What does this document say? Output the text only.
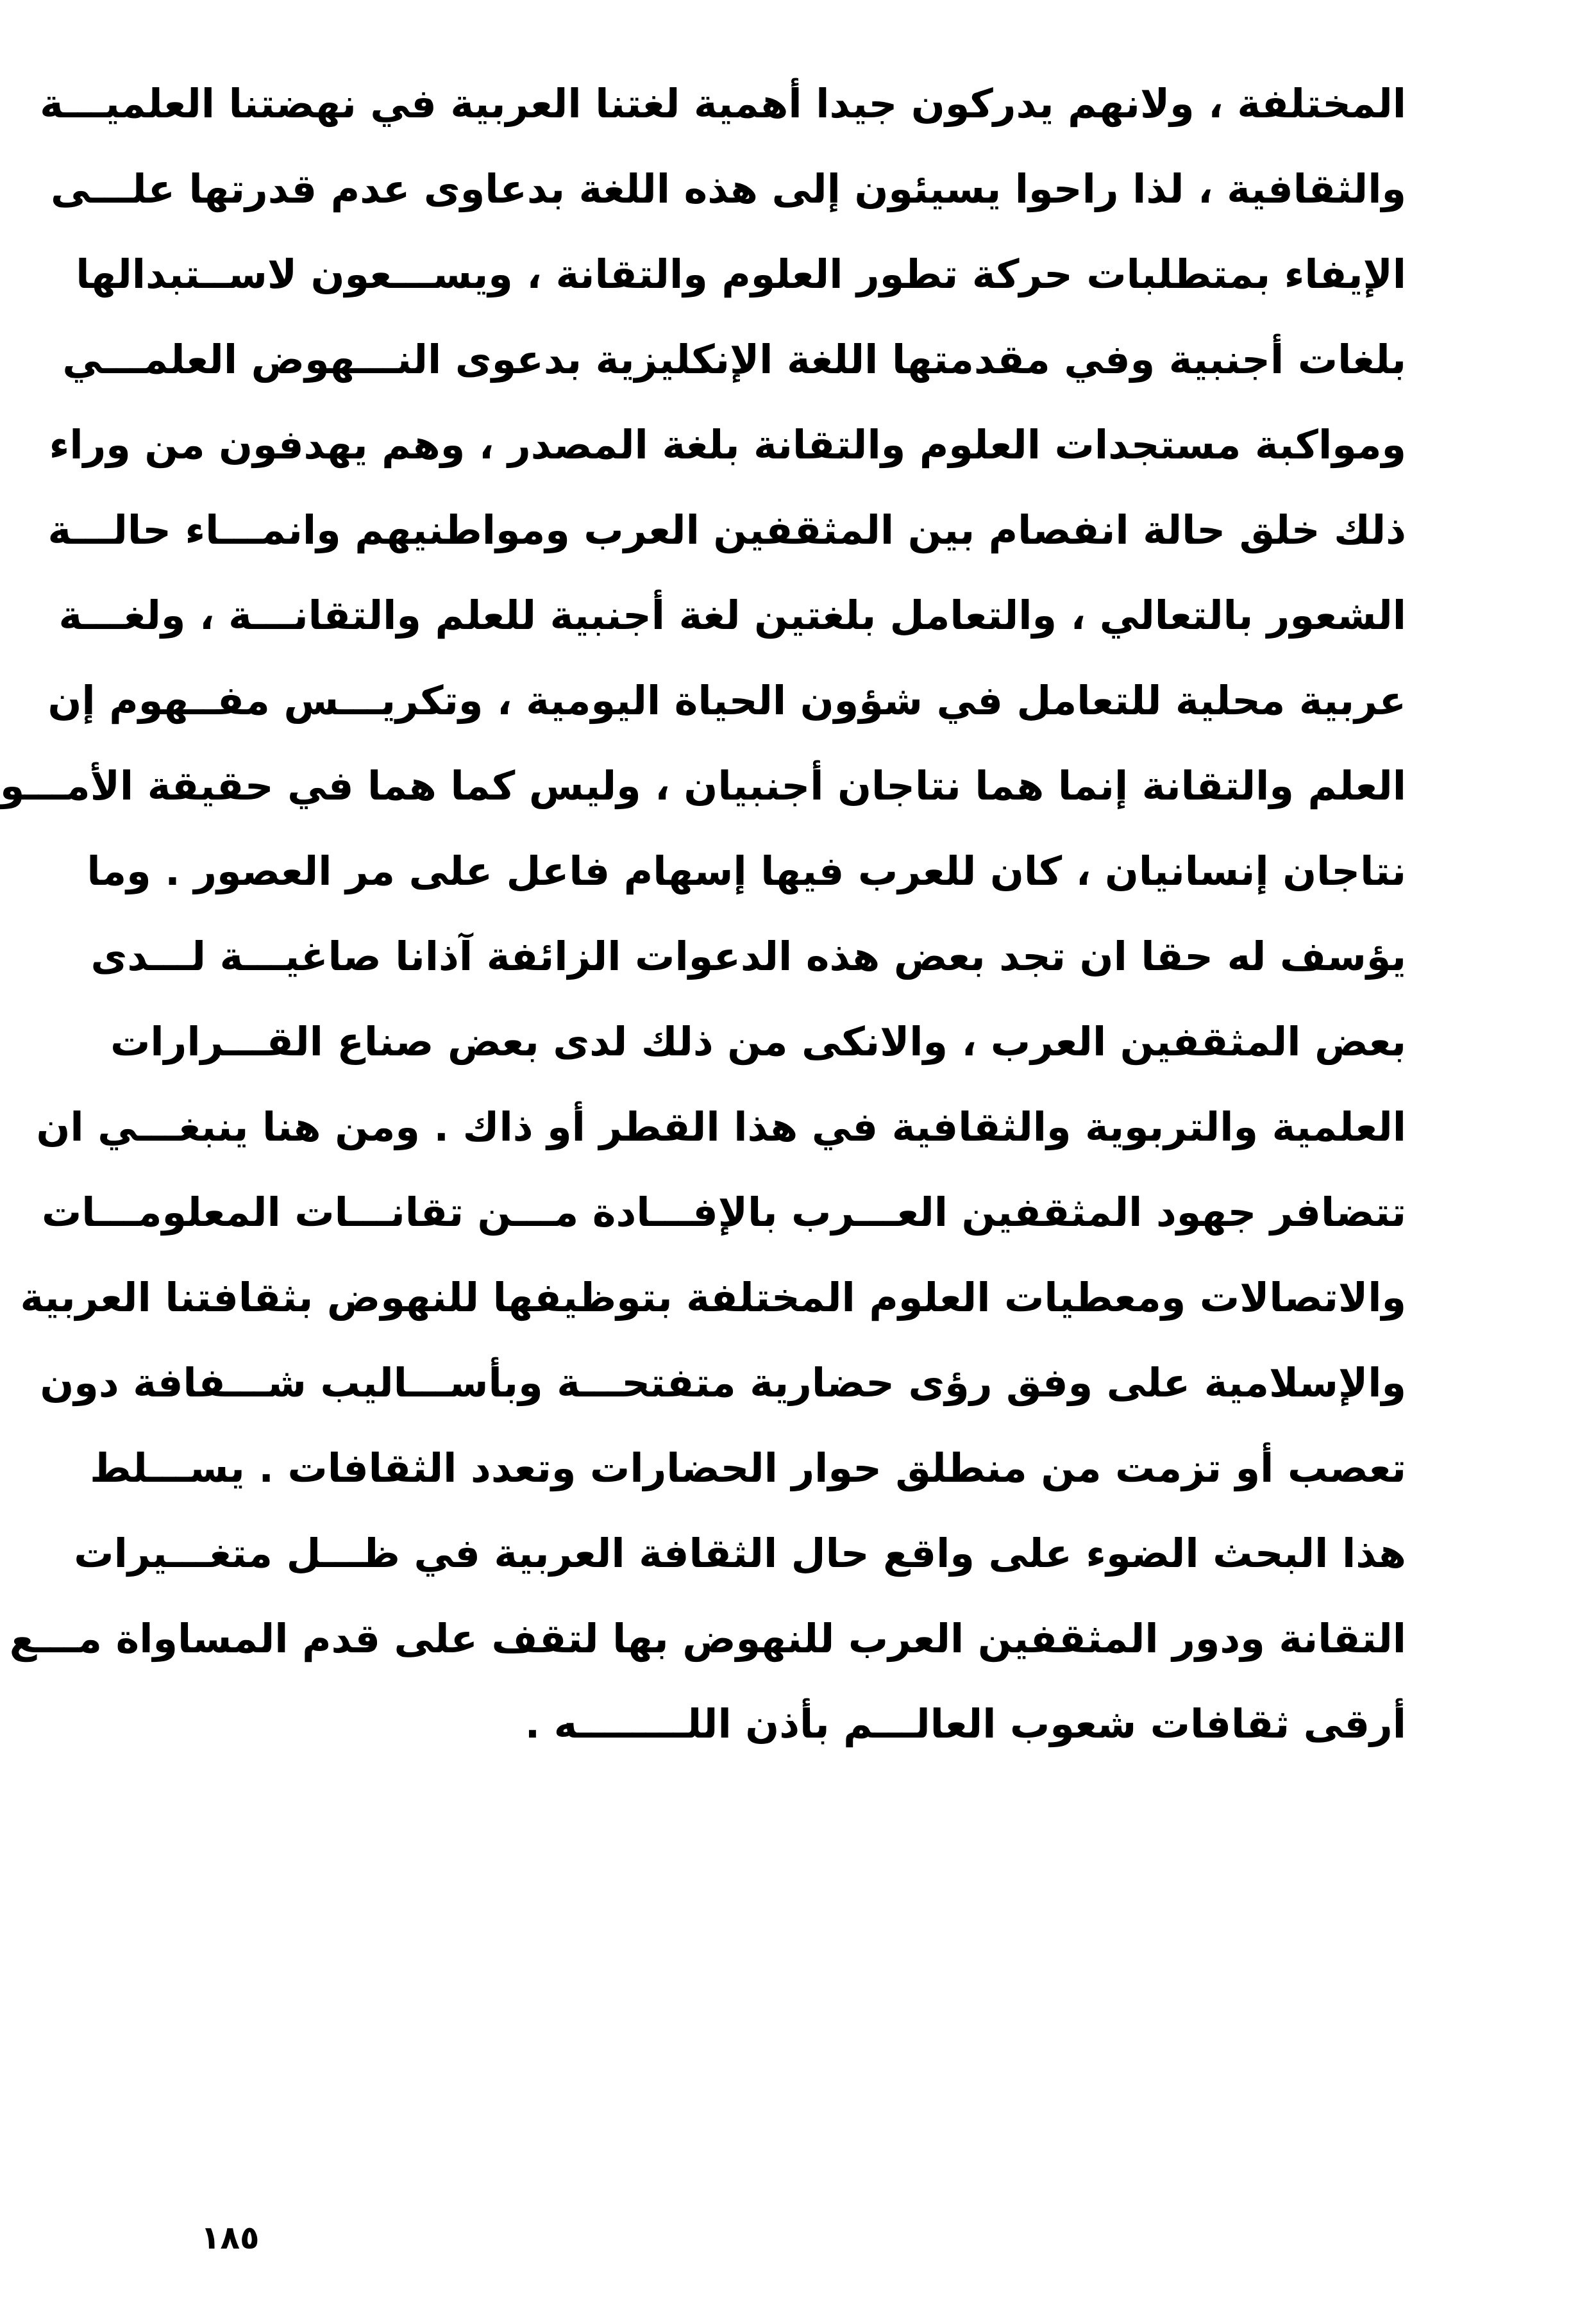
المختلفة ، ولانهم يدركون جيدا أهمية لغتنا العربية في نهضتنا العلميـــة
والثقافية ، لذا راحوا يسيئون إلى هذه اللغة بدعاوى عدم قدرتها علـــى
الإيفاء بمتطلبات حركة تطور العلوم والتقانة ، ويســـعون لاســتبدالها
بلغات أجنبية وفي مقدمتها اللغة الإنكليزية بدعوى النـــهوض العلمـــي
ومواكبة مستجدات العلوم والتقانة بلغة المصدر ، وهم يهدفون من وراء
ذلك خلق حالة انفصام بين المثقفين العرب ومواطنيهم وانمـــاء حالـــة
الشعور بالتعالي ، والتعامل بلغتين لغة أجنبية للعلم والتقانـــة ، ولغـــة
عربية محلية للتعامل في شؤون الحياة اليومية ، وتكريـــس مفــهوم إن
العلم والتقانة إنما هما نتاجان أجنبيان ، وليس كما هما في حقيقة الأمـــو
نتاجان إنسانيان ، كان للعرب فيها إسهام فاعل على مر العصور . وما
يؤسف له حقا ان تجد بعض هذه الدعوات الزائفة آذانا صاغيـــة لـــدى
بعض المثقفين العرب ، والانكى من ذلك لدى بعض صناع القـــرارات
العلمية والتربوية والثقافية في هذا القطر أو ذاك . ومن هنا ينبغـــي ان
تتضافر جهود المثقفين العـــرب بالإفـــادة مـــن تقانـــات المعلومـــات
والاتصالات ومعطيات العلوم المختلفة بتوظيفها للنهوض بثقافتنا العربية
والإسلامية على وفق رؤى حضارية متفتحـــة وبأســـاليب شـــفافة دون
تعصب أو تزمت من منطلق حوار الحضارات وتعدد الثقافات . يســـلط
هذا البحث الضوء على واقع حال الثقافة العربية في ظـــل متغـــيرات
التقانة ودور المثقفين العرب للنهوض بها لتقف على قدم المساواة مـــع
أرقى ثقافات شعوب العالـــم بأذن اللــــــــه .
١٨٥
